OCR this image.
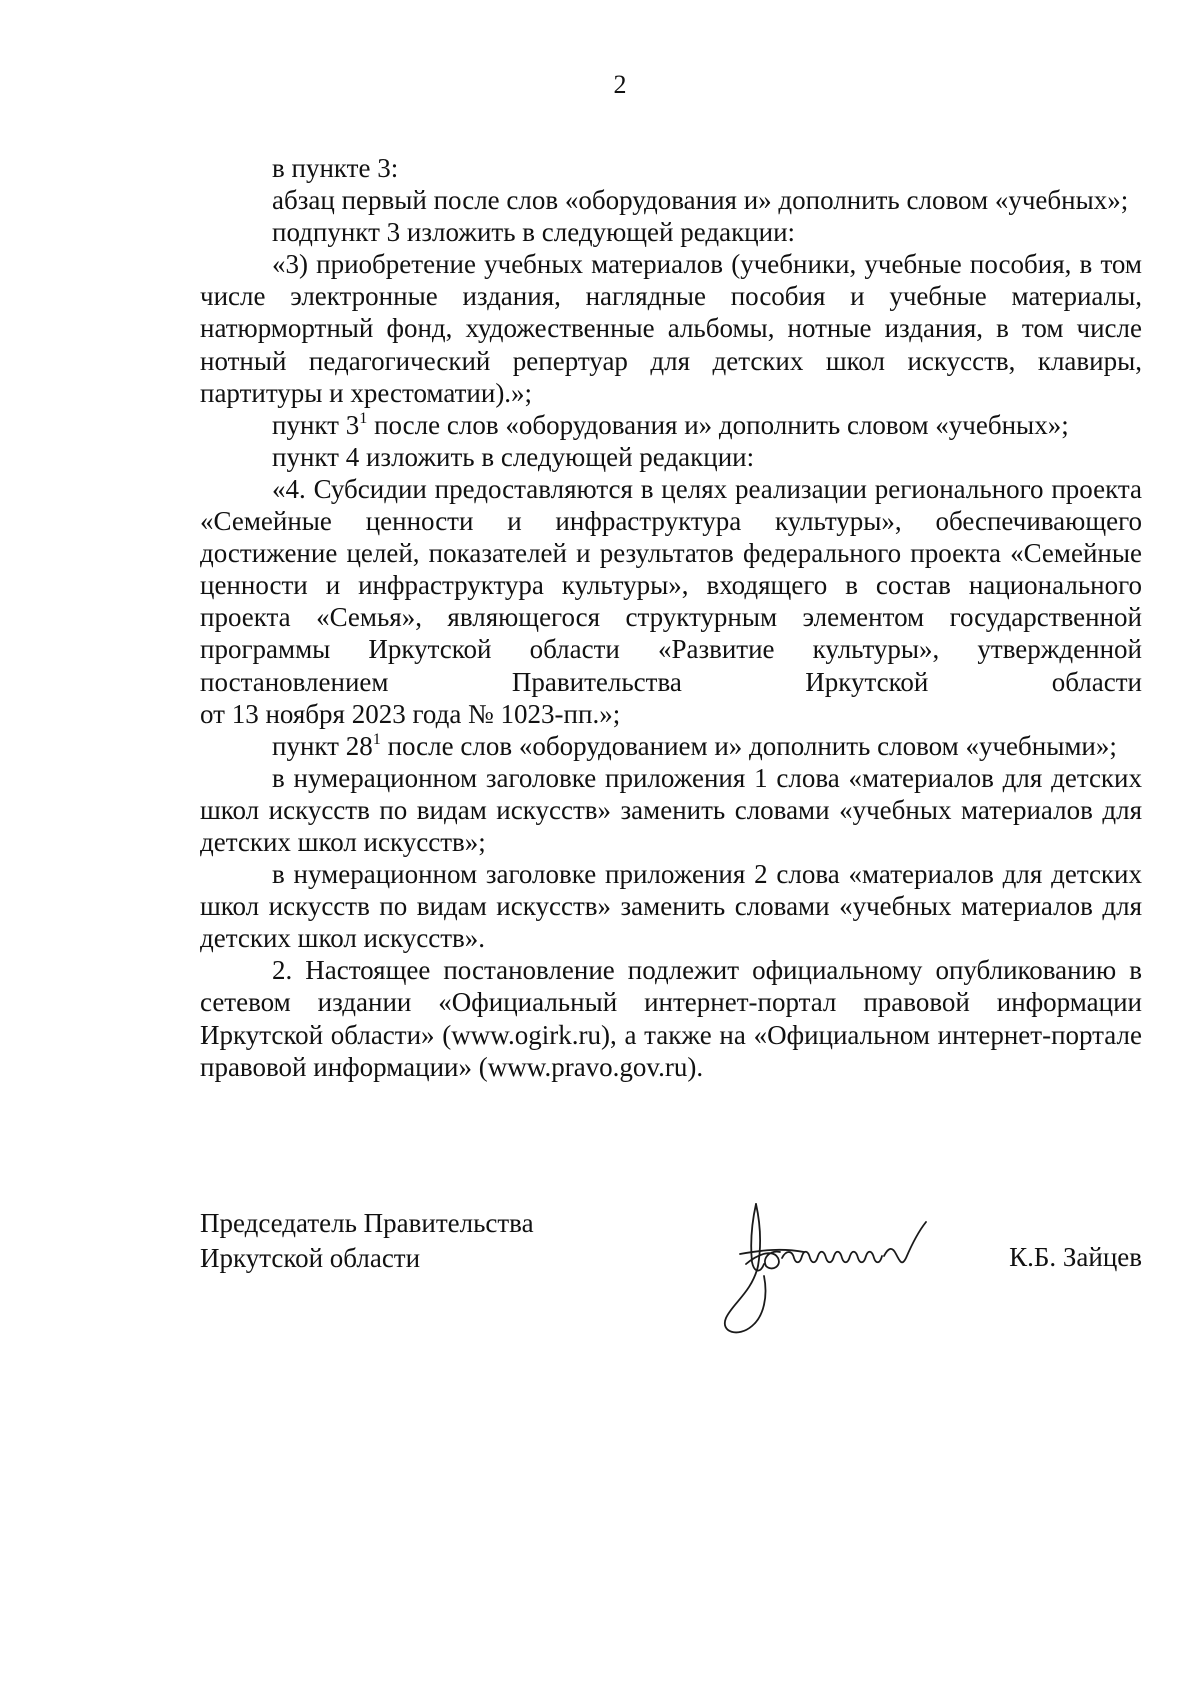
2

в пункте 3:

абзац первый после слов «оборудования и» дополнить словом «учебных»;

подпункт 3 изложить в следующей редакции:

«3) приобретение учебных материалов (учебники, учебные пособия, в том числе электронные издания, наглядные пособия и учебные материалы, натюрмортный фонд, художественные альбомы, нотные издания, в том числе нотный педагогический репертуар для детских школ искусств, клавиры, партитуры и хрестоматии).»;

пункт $3^1$ после слов «оборудования и» дополнить словом «учебных»;

пункт 4 изложить в следующей редакции:

«4. Субсидии предоставляются в целях реализации регионального проекта «Семейные ценности и инфраструктура культуры», обеспечивающего достижение целей, показателей и результатов федерального проекта «Семейные ценности и инфраструктура культуры», входящего в состав национального проекта «Семья», являющегося структурным элементом государственной программы Иркутской области «Развитие культуры», утвержденной постановлением Правительства Иркутской области

от 13 ноября 2023 года № 1023-пп.»;

пункт $28^1$ после слов «оборудованием и» дополнить словом «учебными»;

в нумерационном заголовке приложения 1 слова «материалов для детских школ искусств по видам искусств» заменить словами «учебных материалов для детских школ искусств»;

в нумерационном заголовке приложения 2 слова «материалов для детских школ искусств по видам искусств» заменить словами «учебных материалов для детских школ искусств».

2. Настоящее постановление подлежит официальному опубликованию в сетевом издании «Официальный интернет-портал правовой информации Иркутской области» (www.ogirk.ru), а также на «Официальном интернет-портале правовой информации» (www.pravo.gov.ru).

Председатель Правительства
Иркутской области	К.Б. Зайцев
